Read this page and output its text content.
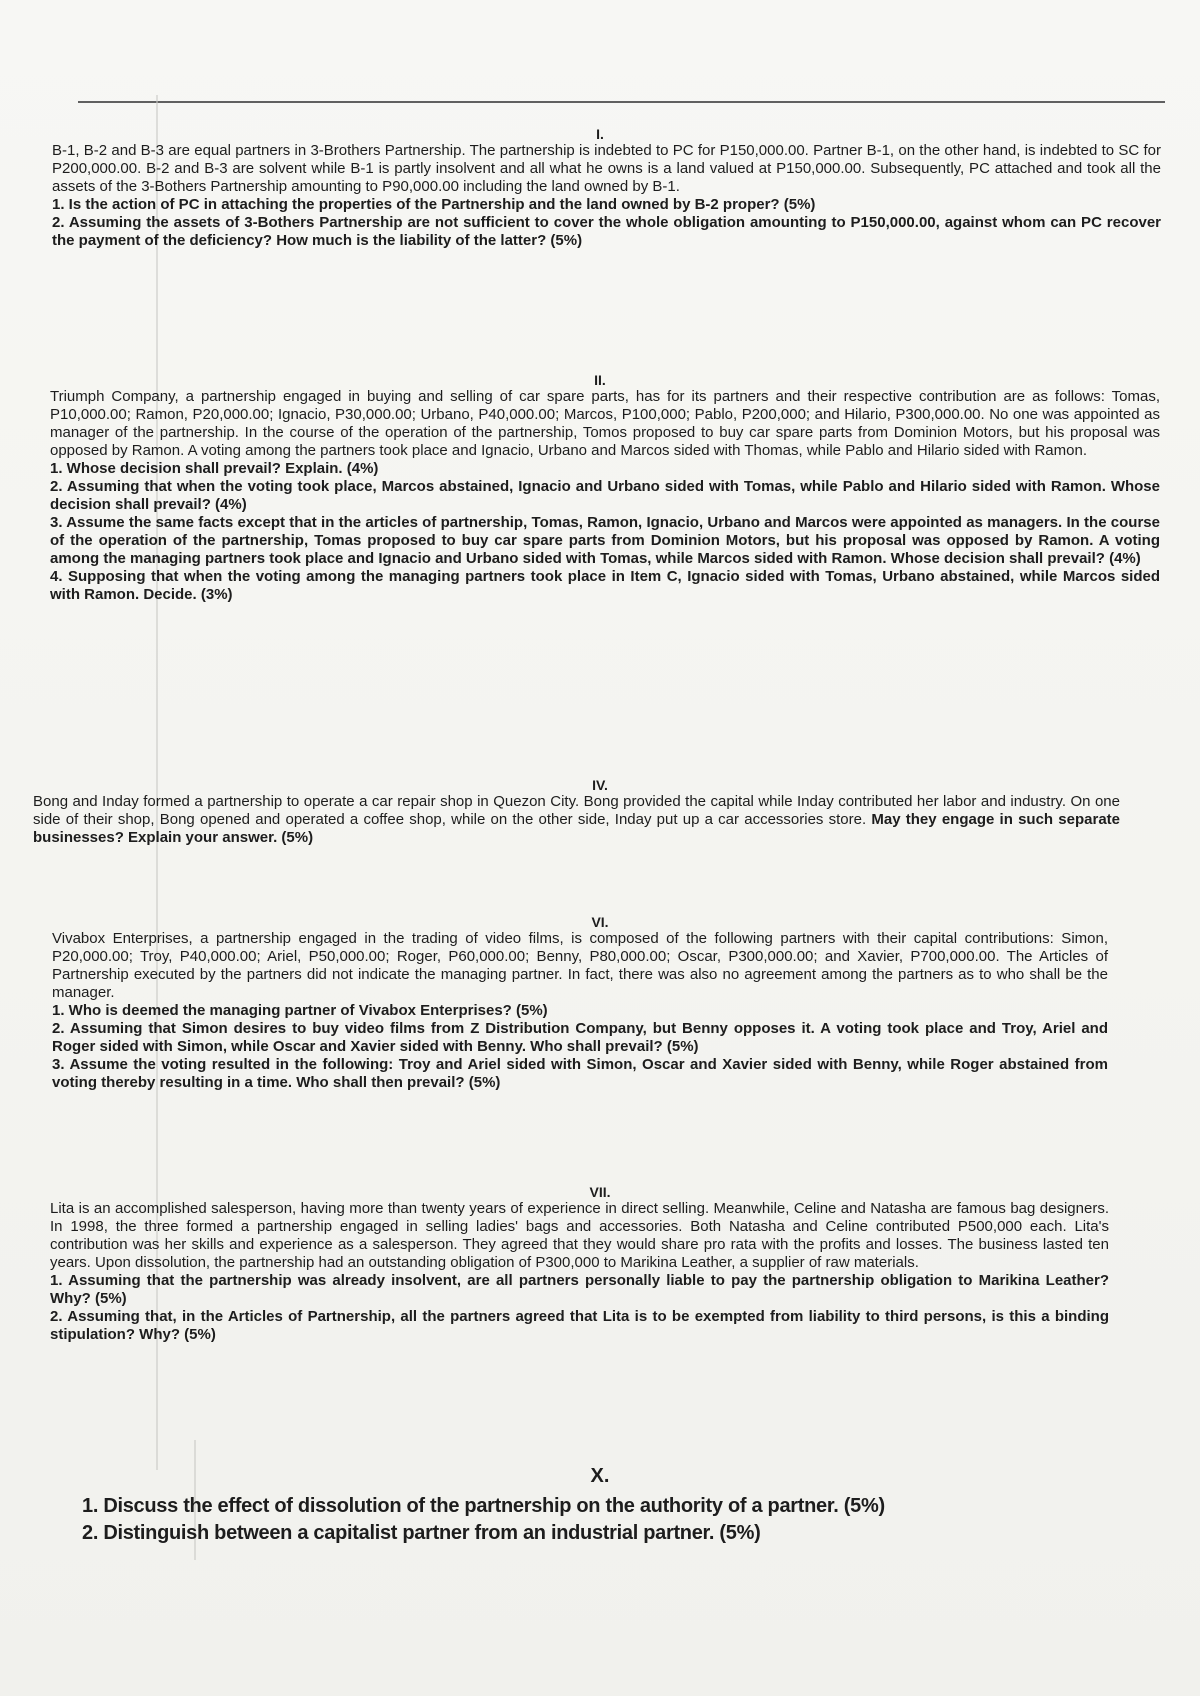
I.

B-1, B-2 and B-3 are equal partners in 3-Brothers Partnership. The partnership is indebted to PC for P150,000.00. Partner B-1, on the other hand, is indebted to SC for P200,000.00. B-2 and B-3 are solvent while B-1 is partly insolvent and all what he owns is a land valued at P150,000.00. Subsequently, PC attached and took all the assets of the 3-Bothers Partnership amounting to P90,000.00 including the land owned by B-1.

1. Is the action of PC in attaching the properties of the Partnership and the land owned by B-2 proper? (5%)

2. Assuming the assets of 3-Bothers Partnership are not sufficient to cover the whole obligation amounting to P150,000.00, against whom can PC recover the payment of the deficiency? How much is the liability of the latter? (5%)

II.

Triumph Company, a partnership engaged in buying and selling of car spare parts, has for its partners and their respective contribution are as follows: Tomas, P10,000.00; Ramon, P20,000.00; Ignacio, P30,000.00; Urbano, P40,000.00; Marcos, P100,000; Pablo, P200,000; and Hilario, P300,000.00. No one was appointed as manager of the partnership. In the course of the operation of the partnership, Tomos proposed to buy car spare parts from Dominion Motors, but his proposal was opposed by Ramon. A voting among the partners took place and Ignacio, Urbano and Marcos sided with Thomas, while Pablo and Hilario sided with Ramon.

1. Whose decision shall prevail? Explain. (4%)

2. Assuming that when the voting took place, Marcos abstained, Ignacio and Urbano sided with Tomas, while Pablo and Hilario sided with Ramon. Whose decision shall prevail? (4%)

3. Assume the same facts except that in the articles of partnership, Tomas, Ramon, Ignacio, Urbano and Marcos were appointed as managers. In the course of the operation of the partnership, Tomas proposed to buy car spare parts from Dominion Motors, but his proposal was opposed by Ramon. A voting among the managing partners took place and Ignacio and Urbano sided with Tomas, while Marcos sided with Ramon. Whose decision shall prevail? (4%)

4. Supposing that when the voting among the managing partners took place in Item C, Ignacio sided with Tomas, Urbano abstained, while Marcos sided with Ramon. Decide. (3%)

IV.

Bong and Inday formed a partnership to operate a car repair shop in Quezon City. Bong provided the capital while Inday contributed her labor and industry. On one side of their shop, Bong opened and operated a coffee shop, while on the other side, Inday put up a car accessories store. May they engage in such separate businesses? Explain your answer. (5%)

VI.

Vivabox Enterprises, a partnership engaged in the trading of video films, is composed of the following partners with their capital contributions: Simon, P20,000.00; Troy, P40,000.00; Ariel, P50,000.00; Roger, P60,000.00; Benny, P80,000.00; Oscar, P300,000.00; and Xavier, P700,000.00. The Articles of Partnership executed by the partners did not indicate the managing partner. In fact, there was also no agreement among the partners as to who shall be the manager.

1. Who is deemed the managing partner of Vivabox Enterprises? (5%)

2. Assuming that Simon desires to buy video films from Z Distribution Company, but Benny opposes it. A voting took place and Troy, Ariel and Roger sided with Simon, while Oscar and Xavier sided with Benny. Who shall prevail? (5%)

3. Assume the voting resulted in the following: Troy and Ariel sided with Simon, Oscar and Xavier sided with Benny, while Roger abstained from voting thereby resulting in a time. Who shall then prevail? (5%)

VII.

Lita is an accomplished salesperson, having more than twenty years of experience in direct selling. Meanwhile, Celine and Natasha are famous bag designers. In 1998, the three formed a partnership engaged in selling ladies' bags and accessories. Both Natasha and Celine contributed P500,000 each. Lita's contribution was her skills and experience as a salesperson. They agreed that they would share pro rata with the profits and losses. The business lasted ten years. Upon dissolution, the partnership had an outstanding obligation of P300,000 to Marikina Leather, a supplier of raw materials.

1. Assuming that the partnership was already insolvent, are all partners personally liable to pay the partnership obligation to Marikina Leather? Why? (5%)

2. Assuming that, in the Articles of Partnership, all the partners agreed that Lita is to be exempted from liability to third persons, is this a binding stipulation? Why? (5%)

X.

1. Discuss the effect of dissolution of the partnership on the authority of a partner. (5%)

2. Distinguish between a capitalist partner from an industrial partner. (5%)
